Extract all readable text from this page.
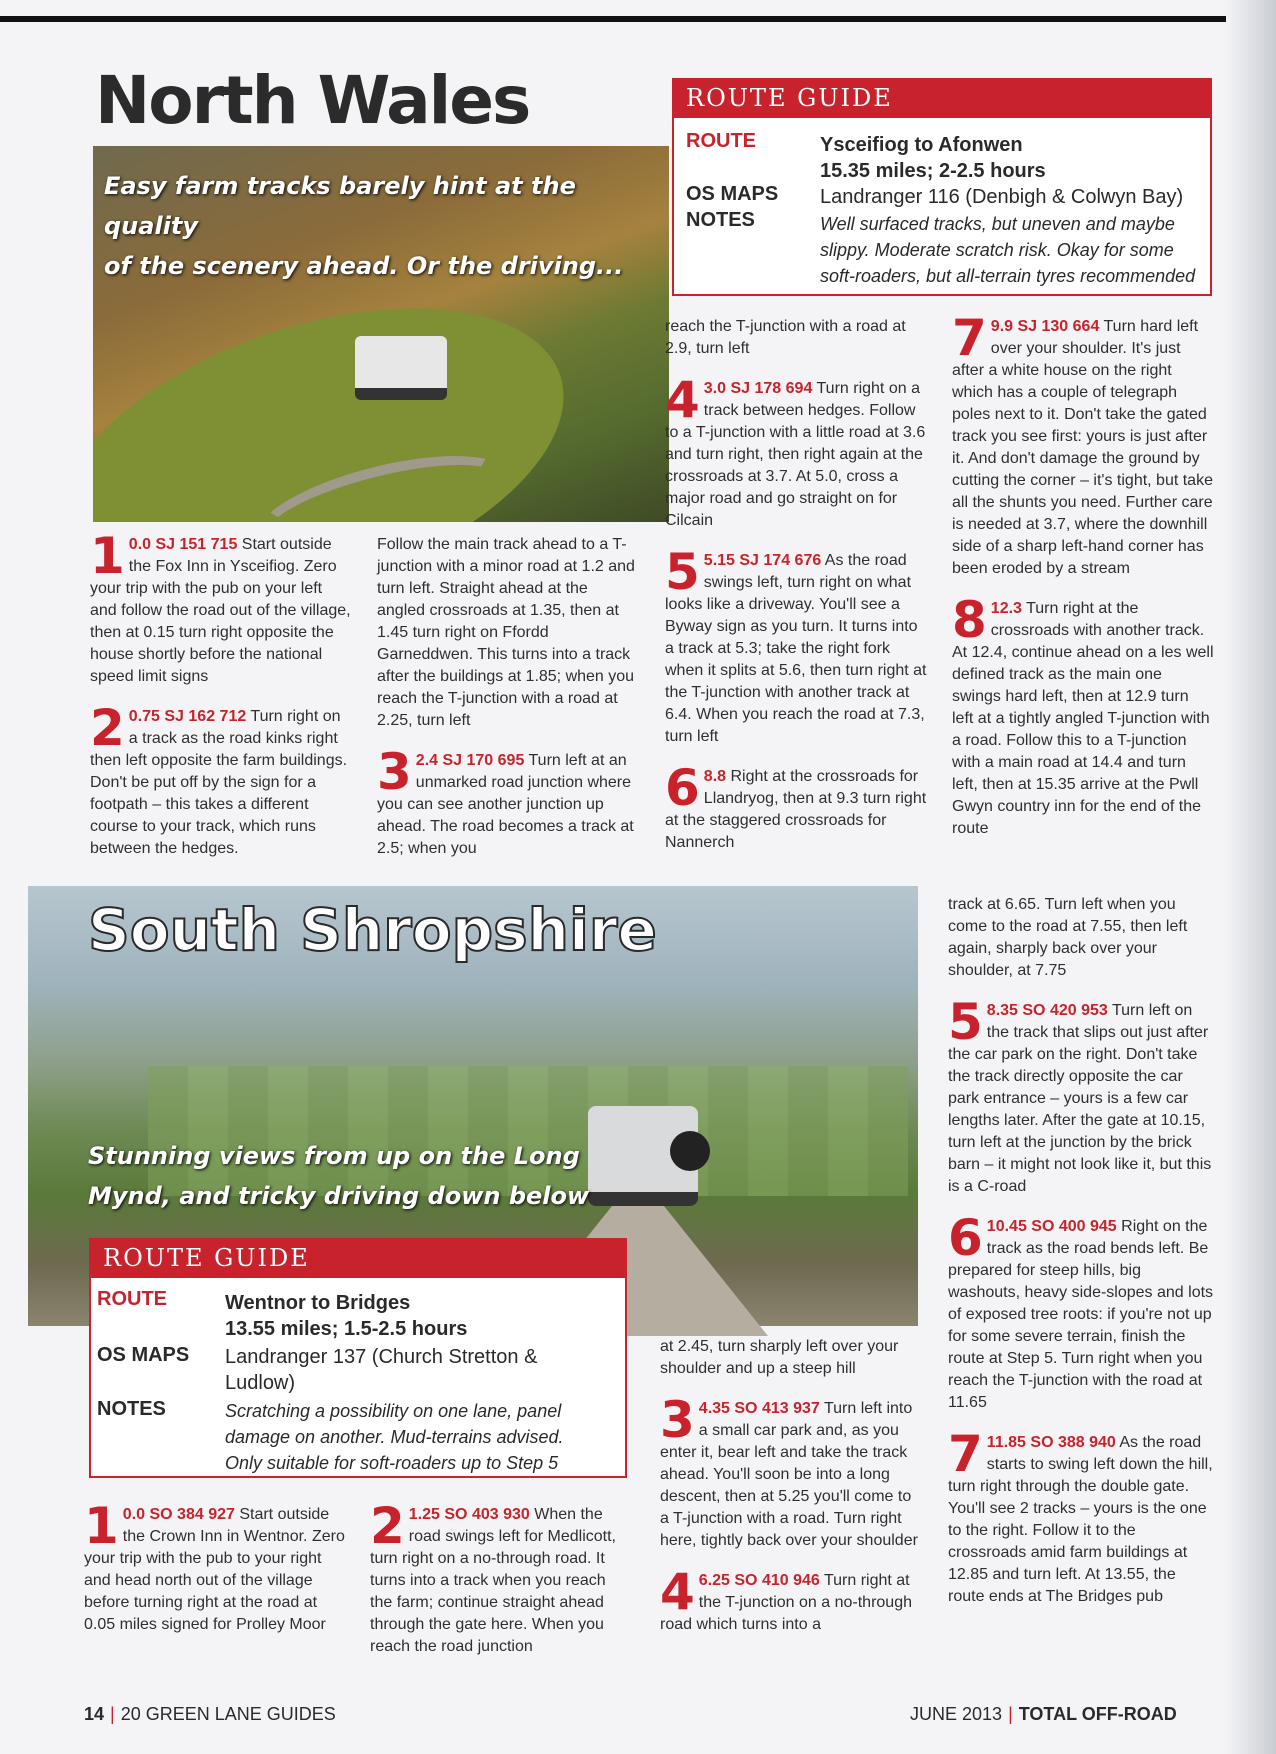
North Wales
Easy farm tracks barely hint at the quality
of the scenery ahead. Or the driving...
ROUTE GUIDE
ROUTE	Ysceifiog to Afonwen
15.35 miles; 2-2.5 hours
OS MAPS Landranger 116 (Denbigh & Colwyn Bay)
NOTES	Well surfaced tracks, but uneven and maybe
slippy. Moderate scratch risk. Okay for some
soft-roaders, but all-terrain tyres recommended
1 0.0 SJ 151 715 Start outside the Fox Inn in Ysceifiog. Zero your trip with the pub on your left and follow the road out of the village, then at 0.15 turn right opposite the house shortly before the national speed limit signs
2 0.75 SJ 162 712 Turn right on a track as the road kinks right then left opposite the farm buildings. Don't be put off by the sign for a footpath – this takes a different course to your track, which runs between the hedges.
Follow the main track ahead to a T-junction with a minor road at 1.2 and turn left. Straight ahead at the angled crossroads at 1.35, then at 1.45 turn right on Ffordd Garneddwen. This turns into a track after the buildings at 1.85; when you reach the T-junction with a road at 2.25, turn left
3 2.4 SJ 170 695 Turn left at an unmarked road junction where you can see another junction up ahead. The road becomes a track at 2.5; when you
reach the T-junction with a road at 2.9, turn left
4 3.0 SJ 178 694 Turn right on a track between hedges. Follow to a T-junction with a little road at 3.6 and turn right, then right again at the crossroads at 3.7. At 5.0, cross a major road and go straight on for Cilcain
5 5.15 SJ 174 676 As the road swings left, turn right on what looks like a driveway. You'll see a Byway sign as you turn. It turns into a track at 5.3; take the right fork when it splits at 5.6, then turn right at the T-junction with another track at 6.4. When you reach the road at 7.3, turn left
6 8.8 Right at the crossroads for Llandryog, then at 9.3 turn right at the staggered crossroads for Nannerch
7 9.9 SJ 130 664 Turn hard left over your shoulder. It's just after a white house on the right which has a couple of telegraph poles next to it. Don't take the gated track you see first: yours is just after it. And don't damage the ground by cutting the corner – it's tight, but take all the shunts you need. Further care is needed at 3.7, where the downhill side of a sharp left-hand corner has been eroded by a stream
8 12.3 Turn right at the crossroads with another track. At 12.4, continue ahead on a les well defined track as the main one swings hard left, then at 12.9 turn left at a tightly angled T-junction with a road. Follow this to a T-junction with a main road at 14.4 and turn left, then at 15.35 arrive at the Pwll Gwyn country inn for the end of the route
South Shropshire
Stunning views from up on the Long
Mynd, and tricky driving down below
ROUTE GUIDE
ROUTE	Wentnor to Bridges
13.55 miles; 1.5-2.5 hours
OS MAPS Landranger 137 (Church Stretton &
Ludlow)
NOTES	Scratching a possibility on one lane, panel
damage on another. Mud-terrains advised.
Only suitable for soft-roaders up to Step 5
1 0.0 SO 384 927 Start outside the Crown Inn in Wentnor. Zero your trip with the pub to your right and head north out of the village before turning right at the road at 0.05 miles signed for Prolley Moor
2 1.25 SO 403 930 When the road swings left for Medlicott, turn right on a no-through road. It turns into a track when you reach the farm; continue straight ahead through the gate here. When you reach the road junction
at 2.45, turn sharply left over your shoulder and up a steep hill
3 4.35 SO 413 937 Turn left into a small car park and, as you enter it, bear left and take the track ahead. You'll soon be into a long descent, then at 5.25 you'll come to a T-junction with a road. Turn right here, tightly back over your shoulder
4 6.25 SO 410 946 Turn right at the T-junction on a no-through road which turns into a
track at 6.65. Turn left when you come to the road at 7.55, then left again, sharply back over your shoulder, at 7.75
5 8.35 SO 420 953 Turn left on the track that slips out just after the car park on the right. Don't take the track directly opposite the car park entrance – yours is a few car lengths later. After the gate at 10.15, turn left at the junction by the brick barn – it might not look like it, but this is a C-road
6 10.45 SO 400 945 Right on the track as the road bends left. Be prepared for steep hills, big washouts, heavy side-slopes and lots of exposed tree roots: if you're not up for some severe terrain, finish the route at Step 5. Turn right when you reach the T-junction with the road at 11.65
7 11.85 SO 388 940 As the road starts to swing left down the hill, turn right through the double gate. You'll see 2 tracks – yours is the one to the right. Follow it to the crossroads amid farm buildings at 12.85 and turn left. At 13.55, the route ends at The Bridges pub
14 | 20 GREEN LANE GUIDES	JUNE 2013 | TOTAL OFF-ROAD
